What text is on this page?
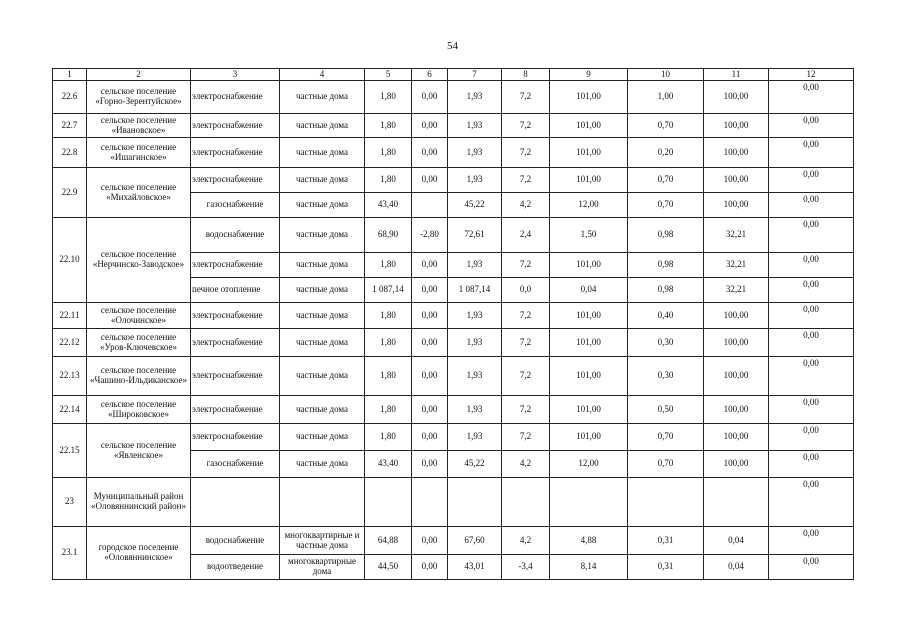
54
1	2	3	4	5	6	7	8	9	10	11	12
22.6	сельское поселение «Горно-Зерентуйское»	электроснабжение	частные дома	1,80	0,00	1,93	7,2	101,00	1,00	100,00	0,00
22.7	сельское поселение «Ивановское»	электроснабжение	частные дома	1,80	0,00	1,93	7,2	101,00	0,70	100,00	0,00
22.8	сельское поселение «Ишагинское»	электроснабжение	частные дома	1,80	0,00	1,93	7,2	101,00	0,20	100,00	0,00
22.9	сельское поселение «Михайловское»	электроснабжение	частные дома	1,80	0,00	1,93	7,2	101,00	0,70	100,00	0,00
		газоснабжение	частные дома	43,40		45,22	4,2	12,00	0,70	100,00	0,00
22.10	сельское поселение «Нерчинско-Заводское»	водоснабжение	частные дома	68,90	-2,80	72,61	2,4	1,50	0,98	32,21	0,00
		электроснабжение	частные дома	1,80	0,00	1,93	7,2	101,00	0,98	32,21	0,00
		печное отопление	частные дома	1 087,14	0,00	1 087,14	0,0	0,04	0,98	32,21	0,00
22.11	сельское поселение «Олочинское»	электроснабжение	частные дома	1,80	0,00	1,93	7,2	101,00	0,40	100,00	0,00
22.12	сельское поселение «Уров-Ключевское»	электроснабжение	частные дома	1,80	0,00	1,93	7,2	101,00	0,30	100,00	0,00
22.13	сельское поселение «Чашино-Ильдиканское»	электроснабжение	частные дома	1,80	0,00	1,93	7,2	101,00	0,30	100,00	0,00
22.14	сельское поселение «Широковское»	электроснабжение	частные дома	1,80	0,00	1,93	7,2	101,00	0,50	100,00	0,00
22.15	сельское поселение «Явленское»	электроснабжение	частные дома	1,80	0,00	1,93	7,2	101,00	0,70	100,00	0,00
		газоснабжение	частные дома	43,40	0,00	45,22	4,2	12,00	0,70	100,00	0,00
23	Муниципальный район «Оловяннинский район»										0,00
23.1	городское поселение «Оловяннинское»	водоснабжение	многоквартирные и частные дома	64,88	0,00	67,60	4,2	4,88	0,31	0,04	0,00
		водоотведение	многоквартирные дома	44,50	0,00	43,01	-3,4	8,14	0,31	0,04	0,00
